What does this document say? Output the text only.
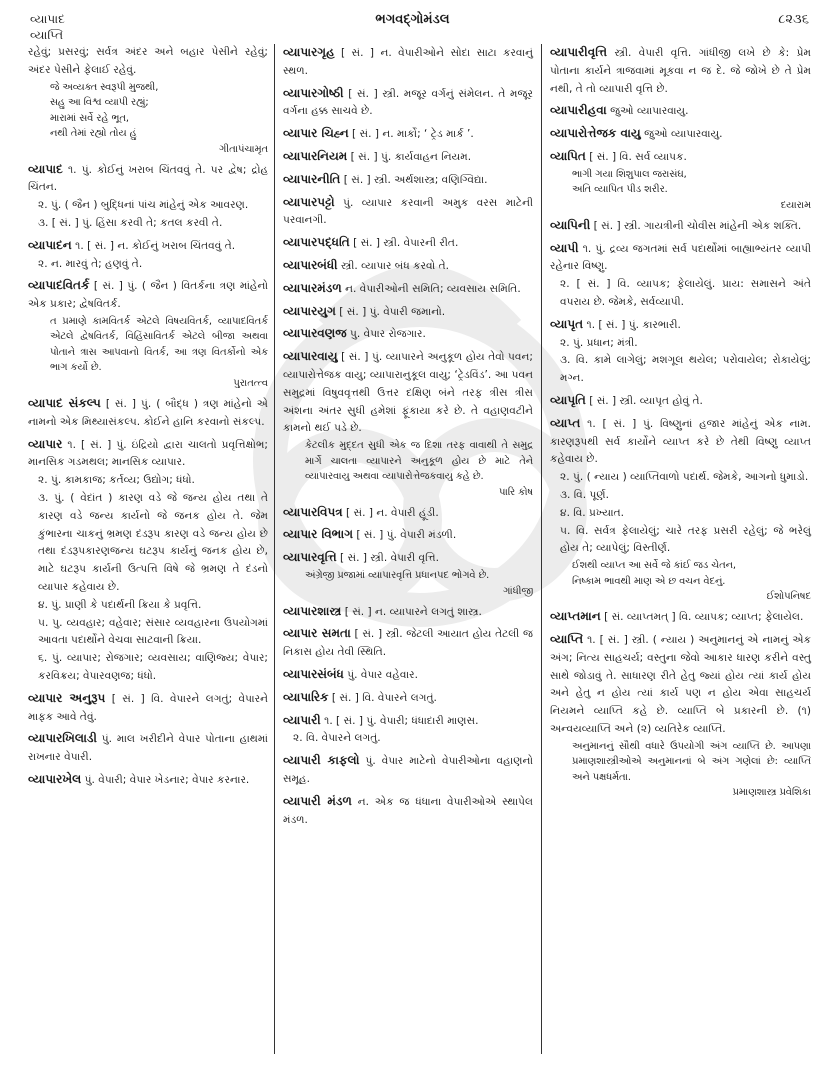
વ્યાપાદ
વ્યાપ્તિ
ભગવદ્ગોમંડલ	૮૨૩૬
રહેવું; પ્રસરવું; સર્વત્ર અંદર અને બહાર પેસીને રહેવું; અંદર પેસીને ફેલાઈ રહેવું.
જે અવ્યક્ત સ્વરૂપી મુજથી,
સહુ આ વિશ્વ વ્યાપી રહ્યું;
મારામાં સર્વે રહે ભૂત,
નથી તેમાં રહ્યો તોય હું
ગીતાપંચામૃત
વ્યાપાદ ૧. પું. કોઈનું ખરાબ ચિંતવવું તે. પર દ્વેષ; દ્રોહ ચિંતન.
૨. પું. ( જૈન ) બુદ્ધિનાં પાંચ માંહેનું એક આવરણ.
૩. [ સં. ] પું. હિંસા કરવી તે; કતલ કરવી તે.
વ્યાપાદન ૧. [ સં. ] ન. કોઈનું ખરાબ ચિંતવવું તે.
૨. ન. મારવું તે; હણવું તે.
વ્યાપાદવિતર્ક [ સં. ] પું. ( જૈન ) વિતર્કના ત્રણ માંહેનો એક પ્રકાર; દ્વેષવિતર્ક.
ત પ્રમાણે કામવિતર્ક એટલે વિષયવિતર્ક, વ્યાપાદવિતર્ક એટલે દ્વેષવિતર્ક, વિહિંસાવિતર્ક એટલે બીજા અથવા પોતાને ત્રાસ આપવાનો વિતર્ક, આ ત્રણ વિતર્કોનો એક ભાગ કર્યો છે.
પુરાતત્ત્વ
વ્યાપાદ સંકલ્પ [ સં. ] પું. ( બૌદ્ધ ) ત્રણ માંહેનો એ નામનો એક મિથ્યાસંકલ્પ. કોઈને હાનિ કરવાનો સંકલ્પ.
વ્યાપાર ૧. [ સં. ] પું. ઇંદ્રિયો દ્વારા ચાલતો પ્રવૃત્તિક્ષોભ; માનસિક ગડમથલ; માનસિક વ્યાપાર.
૨. પું. કામકાજ; કર્તવ્ય; ઉદ્યોગ; ધંધો.
૩. પું. ( વેદાંત ) કારણ વડે જે જન્ય હોય તથા તે કારણ વડે જન્ય કાર્યનો જે જનક હોય તે. જેમ કુંભારના ચાકનું ભ્રમણ દંડરૂપ કારણ વડે જન્ય હોય છે તથા દંડરૂપકારણજન્ય ઘટરૂપ કાર્યનું જનક હોય છે, માટે ઘટરૂપ કાર્યની ઉત્પત્તિ વિષે જે ભ્રમણ તે દંડનો વ્યાપાર કહેવાય છે.
૪. પું. પ્રાણી કે પદાર્થની ક્રિયા કે પ્રવૃત્તિ.
૫. પુ. વ્યવહાર; વહેવાર; સંસાર વ્યવહારના ઉપયોગમાં આવતા પદાર્થોને વેચવા સાટવાની ક્રિયા.
૬. પું. વ્યાપાર; રોજગાર; વ્યવસાય; વાણિજ્ય; વેપાર; કરવિક્રય; વેપારવણજ; ધંધો.
વ્યાપાર અનુરૂપ [ સં. ] વિ. વેપારને લગતું; વેપારને માફક આવે તેવું.
વ્યાપારખિલાડી પું. માલ ખરીદીને વેપાર પોતાના હાથમાં રાખનાર વેપારી.
વ્યાપારખેલ પું. વેપારી; વેપાર ખેડનાર; વેપાર કરનાર.
વ્યાપારગૃહ [ સં. ] ન. વેપારીઓને સોદા સાટા કરવાનું સ્થળ.
વ્યાપારગોષ્ઠી [ સં. ] સ્ત્રી. મજૂર વર્ગનું સંમેલન. તે મજૂર વર્ગના હક્ક સાચવે છે.
વ્યાપાર ચિહ્ન [ સં. ] ન. માર્કો; ‘ ટ્રેડ માર્ક ’.
વ્યાપારનિયમ [ સં. ] પું. કાર્યવાહન નિયમ.
વ્યાપારનીતિ [ સં. ] સ્ત્રી. અર્થશાસ્ત્ર; વણિગ્વિદ્યા.
વ્યાપારપટ્ટો પું. વ્યાપાર કરવાની અમુક વરસ માટેની પરવાનગી.
વ્યાપારપદ્ધતિ [ સં. ] સ્ત્રી. વેપારની રીત.
વ્યાપારબંધી સ્ત્રી. વ્યાપાર બંધ કરવો તે.
વ્યાપારમંડળ ન. વેપારીઓની સમિતિ; વ્યવસાય સમિતિ.
વ્યાપારયુગ [ સં. ] પું. વેપારી જમાનો.
વ્યાપારવણજ પુ. વેપાર રોજગાર.
વ્યાપારવાયુ [ સં. ] પું. વ્યાપારને અનુકૂળ હોય તેવો પવન; વ્યાપારોત્તેજક વાયુ; વ્યાપારાનુકૂલ વાયુ; ‘ટ્રેડવિંડ’. આ પવન સમુદ્રમાં વિષુવવૃત્તથી ઉત્તર દક્ષિણ બંને તરફ ત્રીસ ત્રીસ અંશના અંતર સુધી હમેશાં ફૂંકાયા કરે છે. તે વહાણવટીને કામનો થઈ પડે છે.
કેટલીક મુદ્દત સુધી એક જ દિશા તરફ વાવાથી તે સમુદ્ર માર્ગે ચાલતા વ્યાપારને અનુકૂળ હોય છે માટે તેને વ્યાપારવાયુ અથવા વ્યાપારોત્તેજકવાયુ કહે છે.
પારિ કોષ
વ્યાપારવિપત્ર [ સં. ] ન. વેપારી હૂંડી.
વ્યાપાર વિભાગ [ સં. ] પું. વેપારી મંડળી.
વ્યાપારવૃત્તિ [ સં. ] સ્ત્રી. વેપારી વૃત્તિ.
અંગ્રેજી પ્રજામાં વ્યાપારવૃત્તિ પ્રધાનપદ ભોગવે છે.
ગાંધીજી
વ્યાપારશાસ્ત્ર [ સં. ] ન. વ્યાપારને લગતું શાસ્ત્ર.
વ્યાપાર સમતા [ સં. ] સ્ત્રી. જેટલી આયાત હોય તેટલી જ નિકાસ હોય તેવી સ્થિતિ.
વ્યાપારસંબંધ પું. વેપાર વહેવાર.
વ્યાપારિક [ સં. ] વિ. વેપારને લગતું.
વ્યાપારી ૧. [ સં. ] પું. વેપારી; ધંધાદારી માણસ.
૨. વિ. વેપારને લગતું.
વ્યાપારી કાફલો પું. વેપાર માટેનો વેપારીઓના વહાણનો સમૂહ.
વ્યાપારી મંડળ ન. એક જ ધંધાના વેપારીઓએ સ્થાપેલ મંડળ.
વ્યાપારીવૃત્તિ સ્ત્રી. વેપારી વૃત્તિ. ગાંધીજી લખે છે કે: પ્રેમ પોતાના કાર્યને ત્રાજવામાં મૂકવા ન જ દે. જે જોખે છે તે પ્રેમ નથી, તે તો વ્યાપારી વૃત્તિ છે.
વ્યાપારીહવા જુઓ વ્યાપારવાયુ.
વ્યાપારોત્તેજક વાયુ જુઓ વ્યાપારવાયુ.
વ્યાપિત [ સં. ] વિ. સર્વ વ્યાપક.
ભાગી ગયા શિશુપાલ જરાસંઘ,
અતિ વ્યાપિત પીડ શરીર.
દયારામ
વ્યાપિની [ સં. ] સ્ત્રી. ગાયત્રીની ચોવીસ માંહેની એક શક્તિ.
વ્યાપી ૧. પું. દ્રવ્ય જગતમાં સર્વ પદાર્થોમાં બાહ્યાભ્યંતર વ્યાપી રહેનાર વિષ્ણુ.
૨. [ સં. ] વિ. વ્યાપક; ફેલાયેલું. પ્રાય: સમાસને અંતે વપરાય છે. જેમકે, સર્વવ્યાપી.
વ્યાપૃત ૧. [ સં. ] પું. કારભારી.
૨. પું. પ્રધાન; મંત્રી.
૩. વિ. કામે લાગેલું; મશગૂલ થયેલ; પરોવાયેલ; રોકાયેલું; મગ્ન.
વ્યાપૃતિ [ સં. ] સ્ત્રી. વ્યાપૃત હોવું તે.
વ્યાપ્ત ૧. [ સં. ] પું. વિષ્ણુનાં હજાર માંહેનું એક નામ. કારણરૂપથી સર્વ કાર્યોને વ્યાપ્ત કરે છે તેથી વિષ્ણુ વ્યાપ્ત કહેવાય છે.
૨. પું. ( ન્યાય ) વ્યાપ્તિવાળો પદાર્થ. જેમકે, આગનો ધુમાડો.
૩. વિ. પૂર્ણ.
૪. વિ. પ્રખ્યાત.
૫. વિ. સર્વત્ર ફેલાયેલું; ચારે તરફ પ્રસરી રહેલું; જે ભરેલું હોય તે; વ્યાપેલું; વિસ્તીર્ણ.
ઈશથી વ્યાપ્ત આ સર્વે જે કાંઈ જડ ચેતન,
નિષ્કામ ભાવથી માણ એ છ વચન વેદનું.
ઈશોપનિષદ
વ્યાપ્તમાન [ સં. વ્યાપ્તમત્ ] વિ. વ્યાપક; વ્યાપ્ત; ફેલાયેલ.
વ્યાપ્તિ ૧. [ સં. ] સ્ત્રી. ( ન્યાય ) અનુમાનનું એ નામનું એક અંગ; નિત્ય સાહચર્ય; વસ્તુના જેવો આકાર ધારણ કરીને વસ્તુ સાથે જોડાવું તે. સાધારણ રીતે હેતુ જ્યાં હોય ત્યાં કાર્ય હોય અને હેતુ ન હોય ત્યાં કાર્ય પણ ન હોય એવા સાહચર્ય નિયમને વ્યાપ્તિ કહે છે. વ્યાપ્તિ બે પ્રકારની છે. (૧) અન્વયવ્યાપ્તિ અને (૨) વ્યતિરેક વ્યાપ્તિ.
અનુમાનનું સૌથી વધારે ઉપયોગી અંગ વ્યાપ્તિ છે. આપણા પ્રમાણશાસ્ત્રીઓએ અનુમાનનાં બે અંગ ગણેલાં છે: વ્યાપ્તિ અને પક્ષધર્મતા.
પ્રમાણશાસ્ત્ર પ્રવેશિકા
